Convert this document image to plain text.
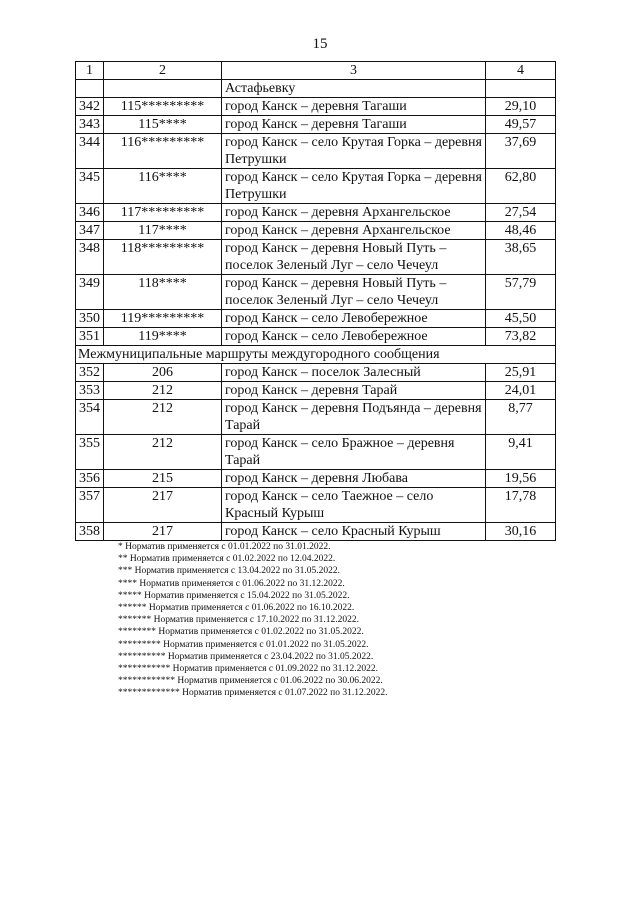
15
1	2	3	4
		Астафьевку	
342	115*********	город Канск – деревня Тагаши	29,10
343	115****	город Канск – деревня Тагаши	49,57
344	116*********	город Канск – село Крутая Горка – деревня Петрушки	37,69
345	116****	город Канск – село Крутая Горка – деревня Петрушки	62,80
346	117*********	город Канск – деревня Архангельское	27,54
347	117****	город Канск – деревня Архангельское	48,46
348	118*********	город Канск – деревня Новый Путь – поселок Зеленый Луг – село Чечеул	38,65
349	118****	город Канск – деревня Новый Путь – поселок Зеленый Луг – село Чечеул	57,79
350	119*********	город Канск – село Левобережное	45,50
351	119****	город Канск – село Левобережное	73,82
Межмуниципальные маршруты междугородного сообщения			
352	206	город Канск – поселок Залесный	25,91
353	212	город Канск – деревня Тарай	24,01
354	212	город Канск – деревня Подъянда – деревня Тарай	8,77
355	212	город Канск – село Бражное – деревня Тарай	9,41
356	215	город Канск – деревня Любава	19,56
357	217	город Канск – село Таежное – село Красный Курыш	17,78
358	217	город Канск – село Красный Курыш	30,16
* Норматив применяется с 01.01.2022 по 31.01.2022.
** Норматив применяется с 01.02.2022 по 12.04.2022.
*** Норматив применяется с 13.04.2022 по 31.05.2022.
**** Норматив применяется с 01.06.2022 по 31.12.2022.
***** Норматив применяется с 15.04.2022 по 31.05.2022.
****** Норматив применяется с 01.06.2022 по 16.10.2022.
******* Норматив применяется с 17.10.2022 по 31.12.2022.
******** Норматив применяется с 01.02.2022 по 31.05.2022.
********* Норматив применяется с 01.01.2022 по 31.05.2022.
********** Норматив применяется с 23.04.2022 по 31.05.2022.
*********** Норматив применяется с 01.09.2022 по 31.12.2022.
************ Норматив применяется с 01.06.2022 по 30.06.2022.
************* Норматив применяется с 01.07.2022 по 31.12.2022.
